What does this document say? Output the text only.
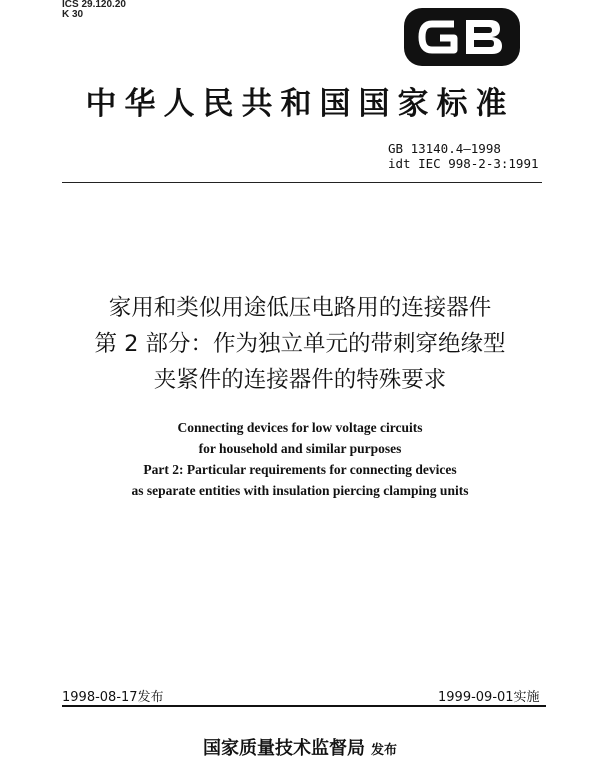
ICS 29.120.20
K 30
GB
中华人民共和国国家标准
GB 13140.4—1998
idt IEC 998-2-3:1991
家用和类似用途低压电路用的连接器件
第 2 部分：作为独立单元的带刺穿绝缘型
夹紧件的连接器件的特殊要求
Connecting devices for low voltage circuits
for household and similar purposes
Part 2: Particular requirements for connecting devices
as separate entities with insulation piercing clamping units
1998-08-17发布	1999-09-01实施
国家质量技术监督局 发布
